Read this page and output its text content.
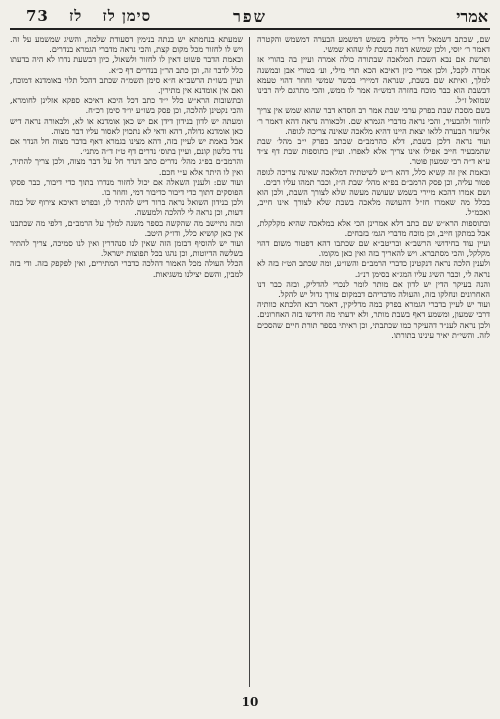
אמרי
שפר
סימן לז לז 73

שם, שכתב דשמאל דר״י מדליק בשמש דמשמע הבערה דמשמש והקטרה דאמר ר׳ יוסי, ולכן שמשא דמה בשבת לו שהוא שמשי.

ופרשת אם נבא השבת המלאכה שבתורה כולה אמרה ועיין בה בהורי אז אמרה לקבל, ולכן אמרי כיון דאיכא הכא תרי מילי, וע׳ בטורי אבן ובמשנה למלך, ואיתא שם בשבת, שנראה דמיירי בכשר שמשי וחוזר דהוי טעמא דבשבת הוא כבר מוכח בחזרה דמש״ה אמר לו ממש, והכי מתרגם ליה רבינו שמואל ז״ל.

בשם מסכת שבת בפרק ערבי שבת אמר רב חסדא דבר שהוא שמש אין צריך לחזור ולהבעיר, והכי נראה מדברי הגמרא שם. ולכאורה נראה דהא דאמר ר׳ אליעזר הבערה ללאו יצאת היינו דהיא מלאכה שאינה צריכה לגופה.

ועוד נראה דלכן בשבת, דלא כהרמב״ם שכתב בפרק י״ב מהל׳ שבת שהמבעיר חייב אפילו אינו צריך אלא לאפרו. ועיין בתוספות שבת דף צ״ד ע״א ד״ה רבי שמעון פוטר.

ובאמת אין זה קשיא כלל, דהא ר״ש לשיטתיה דמלאכה שאינה צריכה לגופה פטור עליה, וכן פסק הרמב״ם בפ״א מהל׳ שבת ה״ז, וכבר תמהו עליו רבים.

ושם אמרו דהכא מיירי בשמש שעושה מעשה שלא לצורך השבת, ולכן הוא בכלל מה שאמרו חז״ל דהעושה מלאכה בשבת שלא לצורך אינו חייב, ואכמ״ל.

ובתוספות הרא״ש שם כתב דלא אמרינן הכי אלא במלאכה שהיא מקלקלת, אבל במתקן חייב, וכן מוכח מדברי הגמ׳ בזבחים.

ועיין עוד בחידושי הרשב״א ובריטב״א שם שכתבו דהא דפטור משום דהוי מקלקל, והכי מסתברא. ויש להאריך בזה ואין כאן מקומו.

ולענין הלכה נראה דנקטינן כדברי הרמב״ם והשו״ע, ומה שכתב הט״ז בזה לא נראה לי, וכבר השיג עליו המג״א בסימן רנ״ג.

והנה בעיקר הדין יש לדון אם מותר לומר לנכרי להדליק, ובזה כבר דנו האחרונים ונחלקו בזה, והעולה מדבריהם דבמקום צורך גדול יש להקל.

ועוד יש לעיין בדברי הגמרא בפרק במה מדליקין, דאמר רבא הלכתא כוותיה דרבי שמעון, ומשמע דאף בשבת מותר, ולא ידעתי מה חידשו בזה האחרונים.

ולכן נראה לענ״ד דהעיקר כמו שכתבתי, וכן ראיתי בספר תורת חיים שהסכים לזה. והשי״ת יאיר עינינו בתורתו.

שמעתא בנחמתא יש בנתה בנימין דסעודת שלמה, והשיג שמשמע על זה. ויש לו לחזור מכל מקום קצת, והכי נראה מדברי הגמרא בנדרים.

ובאמת הדבר פשוט דאין לו לחזור ולשאול, כיון דבשעת נדרו לא היה בדעתו כלל לדבר זה, וכן כתב הר״ן בנדרים דף כ״א.

ועיין בשו״ת הרשב״א ח״א סימן תשמ״ה שכתב דהכל תלוי באומדנא דמוכח, ואם אין אומדנא אין מתירין.

ובתשובות הרא״ש כלל י״ד כתב דכל היכא דאיכא ספקא אזלינן לחומרא, והכי נקטינן להלכה, וכן פסק בשו״ע יו״ד סימן רכ״ח.

ומעתה יש לדון בנידון דידן אם יש כאן אומדנא או לא, ולכאורה נראה דיש כאן אומדנא גדולה, דהא ודאי לא נתכוין לאסור עליו דבר מצוה.

אבל באמת יש לעיין בזה, דהא מצינו בגמרא דאף בדבר מצוה חל הנדר אם נדר בלשון קונם, ועיין בתוס׳ נדרים דף ט״ז ד״ה מתני׳.

והרמב״ם בפ״ג מהל׳ נדרים כתב דנדר חל על דבר מצוה, ולכן צריך להתיר, ואין לו היתר אלא ע״י חכם.

ועוד שם: ולענין השאלה אם יכול לחזור מנדרו בתוך כדי דיבור, כבר פסקו הפוסקים דתוך כדי דיבור כדיבור דמי, וחוזר בו.

ולכן בנידון השואל נראה ברור דיש להתיר לו, ובפרט דאיכא צירוף של כמה דעות, וכן נראה לי להלכה ולמעשה.

ובזה נתיישב מה שהקשה בספר משנה למלך על הרמב״ם, דלפי מה שכתבנו אין כאן קושיא כלל, ודו״ק היטב.

ועוד יש להוסיף דבזמן הזה שאין לנו סנהדרין ואין לנו סמיכה, צריך להתיר בשלשה הדיוטות, וכן נהגו בכל תפוצות ישראל.

הכלל העולה מכל האמור דהלכה כדברי המתירים, ואין לפקפק בזה. ודי בזה למבין, והשם יצילנו משגיאות.

10
